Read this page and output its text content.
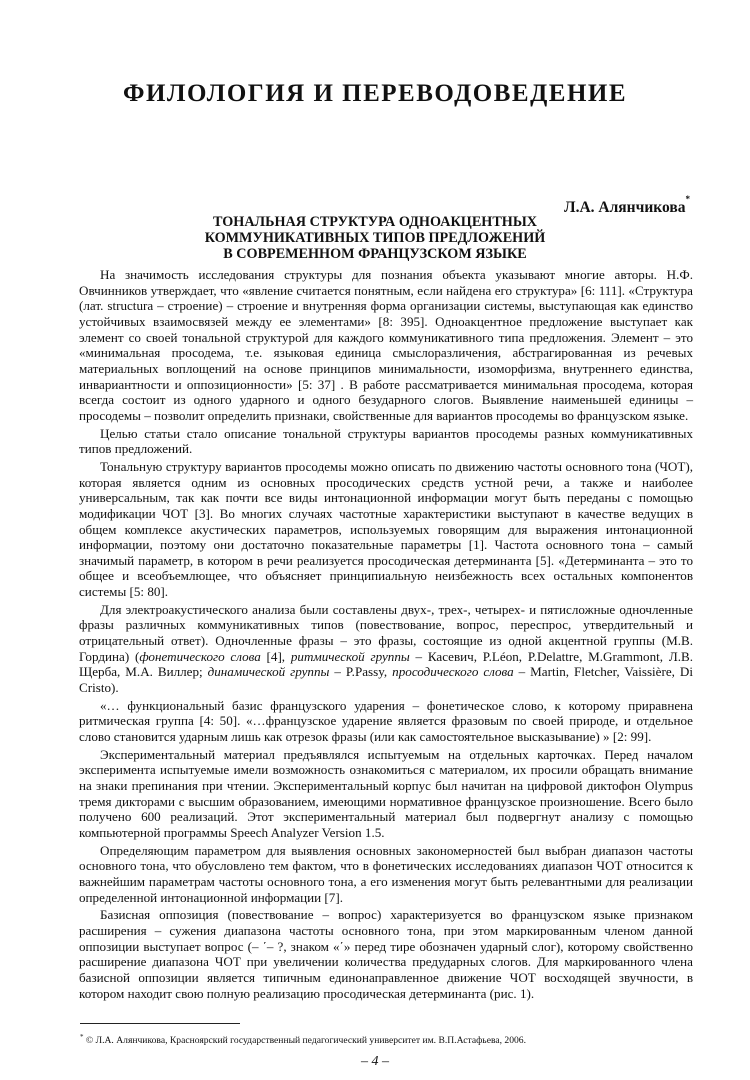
ФИЛОЛОГИЯ И ПЕРЕВОДОВЕДЕНИЕ
Л.А. Алянчикова*
ТОНАЛЬНАЯ СТРУКТУРА ОДНОАКЦЕНТНЫХ
КОММУНИКАТИВНЫХ ТИПОВ ПРЕДЛОЖЕНИЙ
В СОВРЕМЕННОМ ФРАНЦУЗСКОМ ЯЗЫКЕ

На значимость исследования структуры для познания объекта указывают многие авторы. Н.Ф. Овчинников утверждает, что «явление считается понятным, если найдена его структура» [6: 111]. «Структура (лат. structura – строение) – строение и внутренняя форма организации системы, выступающая как единство устойчивых взаимосвязей между ее элементами» [8: 395]. Одноакцентное предложение выступает как элемент со своей тональной структурой для каждого коммуникативного типа предложения. Элемент – это «минимальная просодема, т.е. языковая единица смыслоразличения, абстрагированная из речевых материальных воплощений на основе принципов минимальности, изоморфизма, внутреннего единства, инвариантности и оппозиционности» [5: 37] . В работе рассматривается минимальная просодема, которая всегда состоит из одного ударного и одного безударного слогов. Выявление наименьшей единицы – просодемы – позволит определить признаки, свойственные для вариантов просодемы во французском языке.

Целью статьи стало описание тональной структуры вариантов просодемы разных коммуникативных типов предложений.

Тональную структуру вариантов просодемы можно описать по движению частоты основного тона (ЧОТ), которая является одним из основных просодических средств устной речи, а также и наиболее универсальным, так как почти все виды интонационной информации могут быть переданы с помощью модификации ЧОТ [3]. Во многих случаях частотные характеристики выступают в качестве ведущих в общем комплексе акустических параметров, используемых говорящим для выражения интонационной информации, поэтому они достаточно показательные параметры [1]. Частота основного тона – самый значимый параметр, в котором в речи реализуется просодическая детерминанта [5]. «Детерминанта – это то общее и всеобъемлющее, что объясняет принципиальную неизбежность всех остальных компонентов системы [5: 80].

Для электроакустического анализа были составлены двух-, трех-, четырех- и пятисложные одночленные фразы различных коммуникативных типов (повествование, вопрос, переспрос, утвердительный и отрицательный ответ). Одночленные фразы – это фразы, состоящие из одной акцентной группы (М.В. Гордина) (фонетического слова [4], ритмической группы – Касевич, P.Léon, P.Delattre, M.Grammont, Л.В. Щерба, М.А. Виллер; динамической группы – P.Passy, просодического слова – Martin, Fletcher, Vaissière, Di Cristo).

«… функциональный базис французского ударения – фонетическое слово, к которому приравнена ритмическая группа [4: 50]. «…французское ударение является фразовым по своей природе, и отдельное слово становится ударным лишь как отрезок фразы (или как самостоятельное высказывание) » [2: 99].

Экспериментальный материал предъявлялся испытуемым на отдельных карточках. Перед началом эксперимента испытуемые имели возможность ознакомиться с материалом, их просили обращать внимание на знаки препинания при чтении. Экспериментальный корпус был начитан на цифровой диктофон Olympus тремя дикторами с высшим образованием, имеющими нормативное французское произношение. Всего было получено 600 реализаций. Этот экспериментальный материал был подвергнут анализу с помощью компьютерной программы Speech Analyzer Version 1.5.

Определяющим параметром для выявления основных закономерностей был выбран диапазон частоты основного тона, что обусловлено тем фактом, что в фонетических исследованиях диапазон ЧОТ относится к важнейшим параметрам частоты основного тона, а его изменения могут быть релевантными для реализации определенной интонационной информации [7].

Базисная оппозиция (повествование – вопрос) характеризуется во французском языке признаком расширения – сужения диапазона частоты основного тона, при этом маркированным членом данной оппозиции выступает вопрос (– ΄– ?, знаком «΄» перед тире обозначен ударный слог), которому свойственно расширение диапазона ЧОТ при увеличении количества предударных слогов. Для маркированного члена базисной оппозиции является типичным единонаправленное движение ЧОТ восходящей звучности, в котором находит свою полную реализацию просодическая детерминанта (рис. 1).

* © Л.А. Алянчикова, Красноярский государственный педагогический университет им. В.П.Астафьева, 2006.
– 4 –
